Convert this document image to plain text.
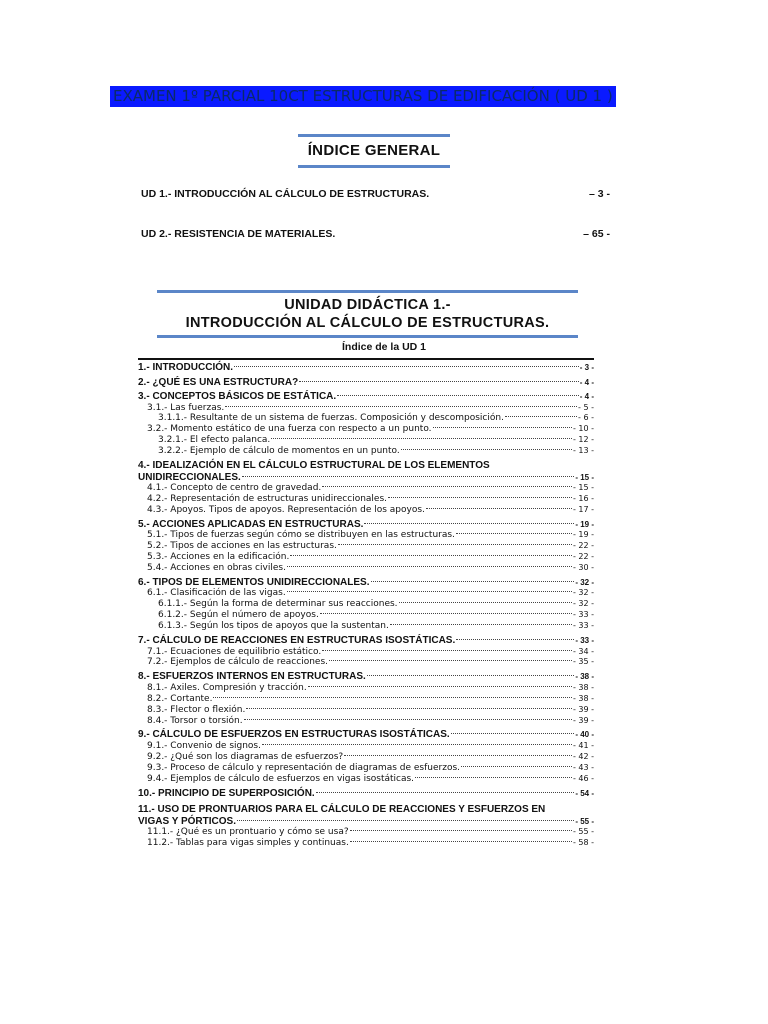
EXAMEN 1º PARCIAL 10CT ESTRUCTURAS DE EDIFICACIÓN ( UD 1 )
ÍNDICE GENERAL
UD 1.- INTRODUCCIÓN AL CÁLCULO DE ESTRUCTURAS.	– 3 -
UD 2.- RESISTENCIA DE MATERIALES.	– 65 -
UNIDAD DIDÁCTICA 1.-
INTRODUCCIÓN AL CÁLCULO DE ESTRUCTURAS.
Índice de la UD 1
1.- INTRODUCCIÓN.	- 3 -
2.- ¿QUÉ ES UNA ESTRUCTURA?	- 4 -
3.- CONCEPTOS BÁSICOS DE ESTÁTICA.	- 4 -
3.1.- Las fuerzas.	- 5 -
3.1.1.- Resultante de un sistema de fuerzas. Composición y descomposición.	- 6 -
3.2.- Momento estático de una fuerza con respecto a un punto.	- 10 -
3.2.1.- El efecto palanca.	- 12 -
3.2.2.- Ejemplo de cálculo de momentos en un punto.	- 13 -
4.- IDEALIZACIÓN EN EL CÁLCULO ESTRUCTURAL DE LOS ELEMENTOS
UNIDIRECCIONALES.	- 15 -
4.1.- Concepto de centro de gravedad.	- 15 -
4.2.- Representación de estructuras unidireccionales.	- 16 -
4.3.- Apoyos. Tipos de apoyos. Representación de los apoyos.	- 17 -
5.- ACCIONES APLICADAS EN ESTRUCTURAS.	- 19 -
5.1.- Tipos de fuerzas según cómo se distribuyen en las estructuras.	- 19 -
5.2.- Tipos de acciones en las estructuras.	- 22 -
5.3.- Acciones en la edificación.	- 22 -
5.4.- Acciones en obras civiles.	- 30 -
6.- TIPOS DE ELEMENTOS UNIDIRECCIONALES.	- 32 -
6.1.- Clasificación de las vigas.	- 32 -
6.1.1.- Según la forma de determinar sus reacciones.	- 32 -
6.1.2.- Según el número de apoyos.	- 33 -
6.1.3.- Según los tipos de apoyos que la sustentan.	- 33 -
7.- CÁLCULO DE REACCIONES EN ESTRUCTURAS ISOSTÁTICAS.	- 33 -
7.1.- Ecuaciones de equilibrio estático.	- 34 -
7.2.- Ejemplos de cálculo de reacciones.	- 35 -
8.- ESFUERZOS INTERNOS EN ESTRUCTURAS.	- 38 -
8.1.- Axiles. Compresión y tracción.	- 38 -
8.2.- Cortante.	- 38 -
8.3.- Flector o flexión.	- 39 -
8.4.- Torsor o torsión.	- 39 -
9.- CÁLCULO DE ESFUERZOS EN ESTRUCTURAS ISOSTÁTICAS.	- 40 -
9.1.- Convenio de signos.	- 41 -
9.2.- ¿Qué son los diagramas de esfuerzos?	- 42 -
9.3.- Proceso de cálculo y representación de diagramas de esfuerzos.	- 43 -
9.4.- Ejemplos de cálculo de esfuerzos en vigas isostáticas.	- 46 -
10.- PRINCIPIO DE SUPERPOSICIÓN.	- 54 -
11.- USO DE PRONTUARIOS PARA EL CÁLCULO DE REACCIONES Y ESFUERZOS EN
VIGAS Y PÓRTICOS.	- 55 -
11.1.- ¿Qué es un prontuario y cómo se usa?	- 55 -
11.2.- Tablas para vigas simples y continuas.	- 58 -
